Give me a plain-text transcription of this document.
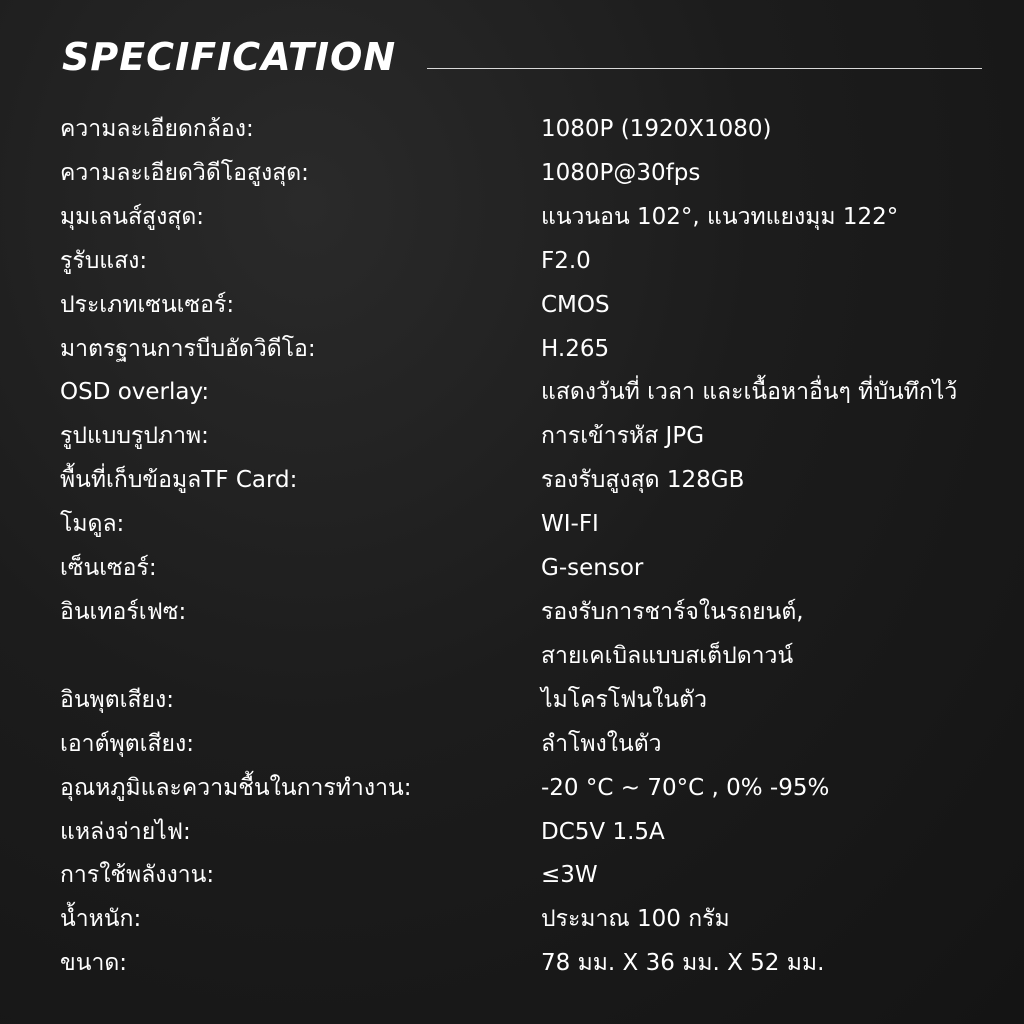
SPECIFICATION
ความละเอียดกล้อง:	1080P (1920X1080)
ความละเอียดวิดีโอสูงสุด:	1080P@30fps
มุมเลนส์สูงสุด:	แนวนอน 102°, แนวทแยงมุม 122°
รูรับแสง:	F2.0
ประเภทเซนเซอร์:	CMOS
มาตรฐานการบีบอัดวิดีโอ:	H.265
OSD overlay:	แสดงวันที่ เวลา และเนื้อหาอื่นๆ ที่บันทึกไว้
รูปแบบรูปภาพ:	การเข้ารหัส JPG
พื้นที่เก็บข้อมูลTF Card:	รองรับสูงสุด 128GB
โมดูล:	WI-FI
เซ็นเซอร์:	G-sensor
อินเทอร์เฟซ:	รองรับการชาร์จในรถยนต์,
สายเคเบิลแบบสเต็ปดาวน์
อินพุตเสียง:	ไมโครโฟนในตัว
เอาต์พุตเสียง:	ลำโพงในตัว
อุณหภูมิและความชื้นในการทำงาน:	-20 °C ~ 70°C , 0% -95%
แหล่งจ่ายไฟ:	DC5V 1.5A
การใช้พลังงาน:	≤3W
น้ำหนัก:	ประมาณ 100 กรัม
ขนาด:	78 มม. X 36 มม. X 52 มม.
